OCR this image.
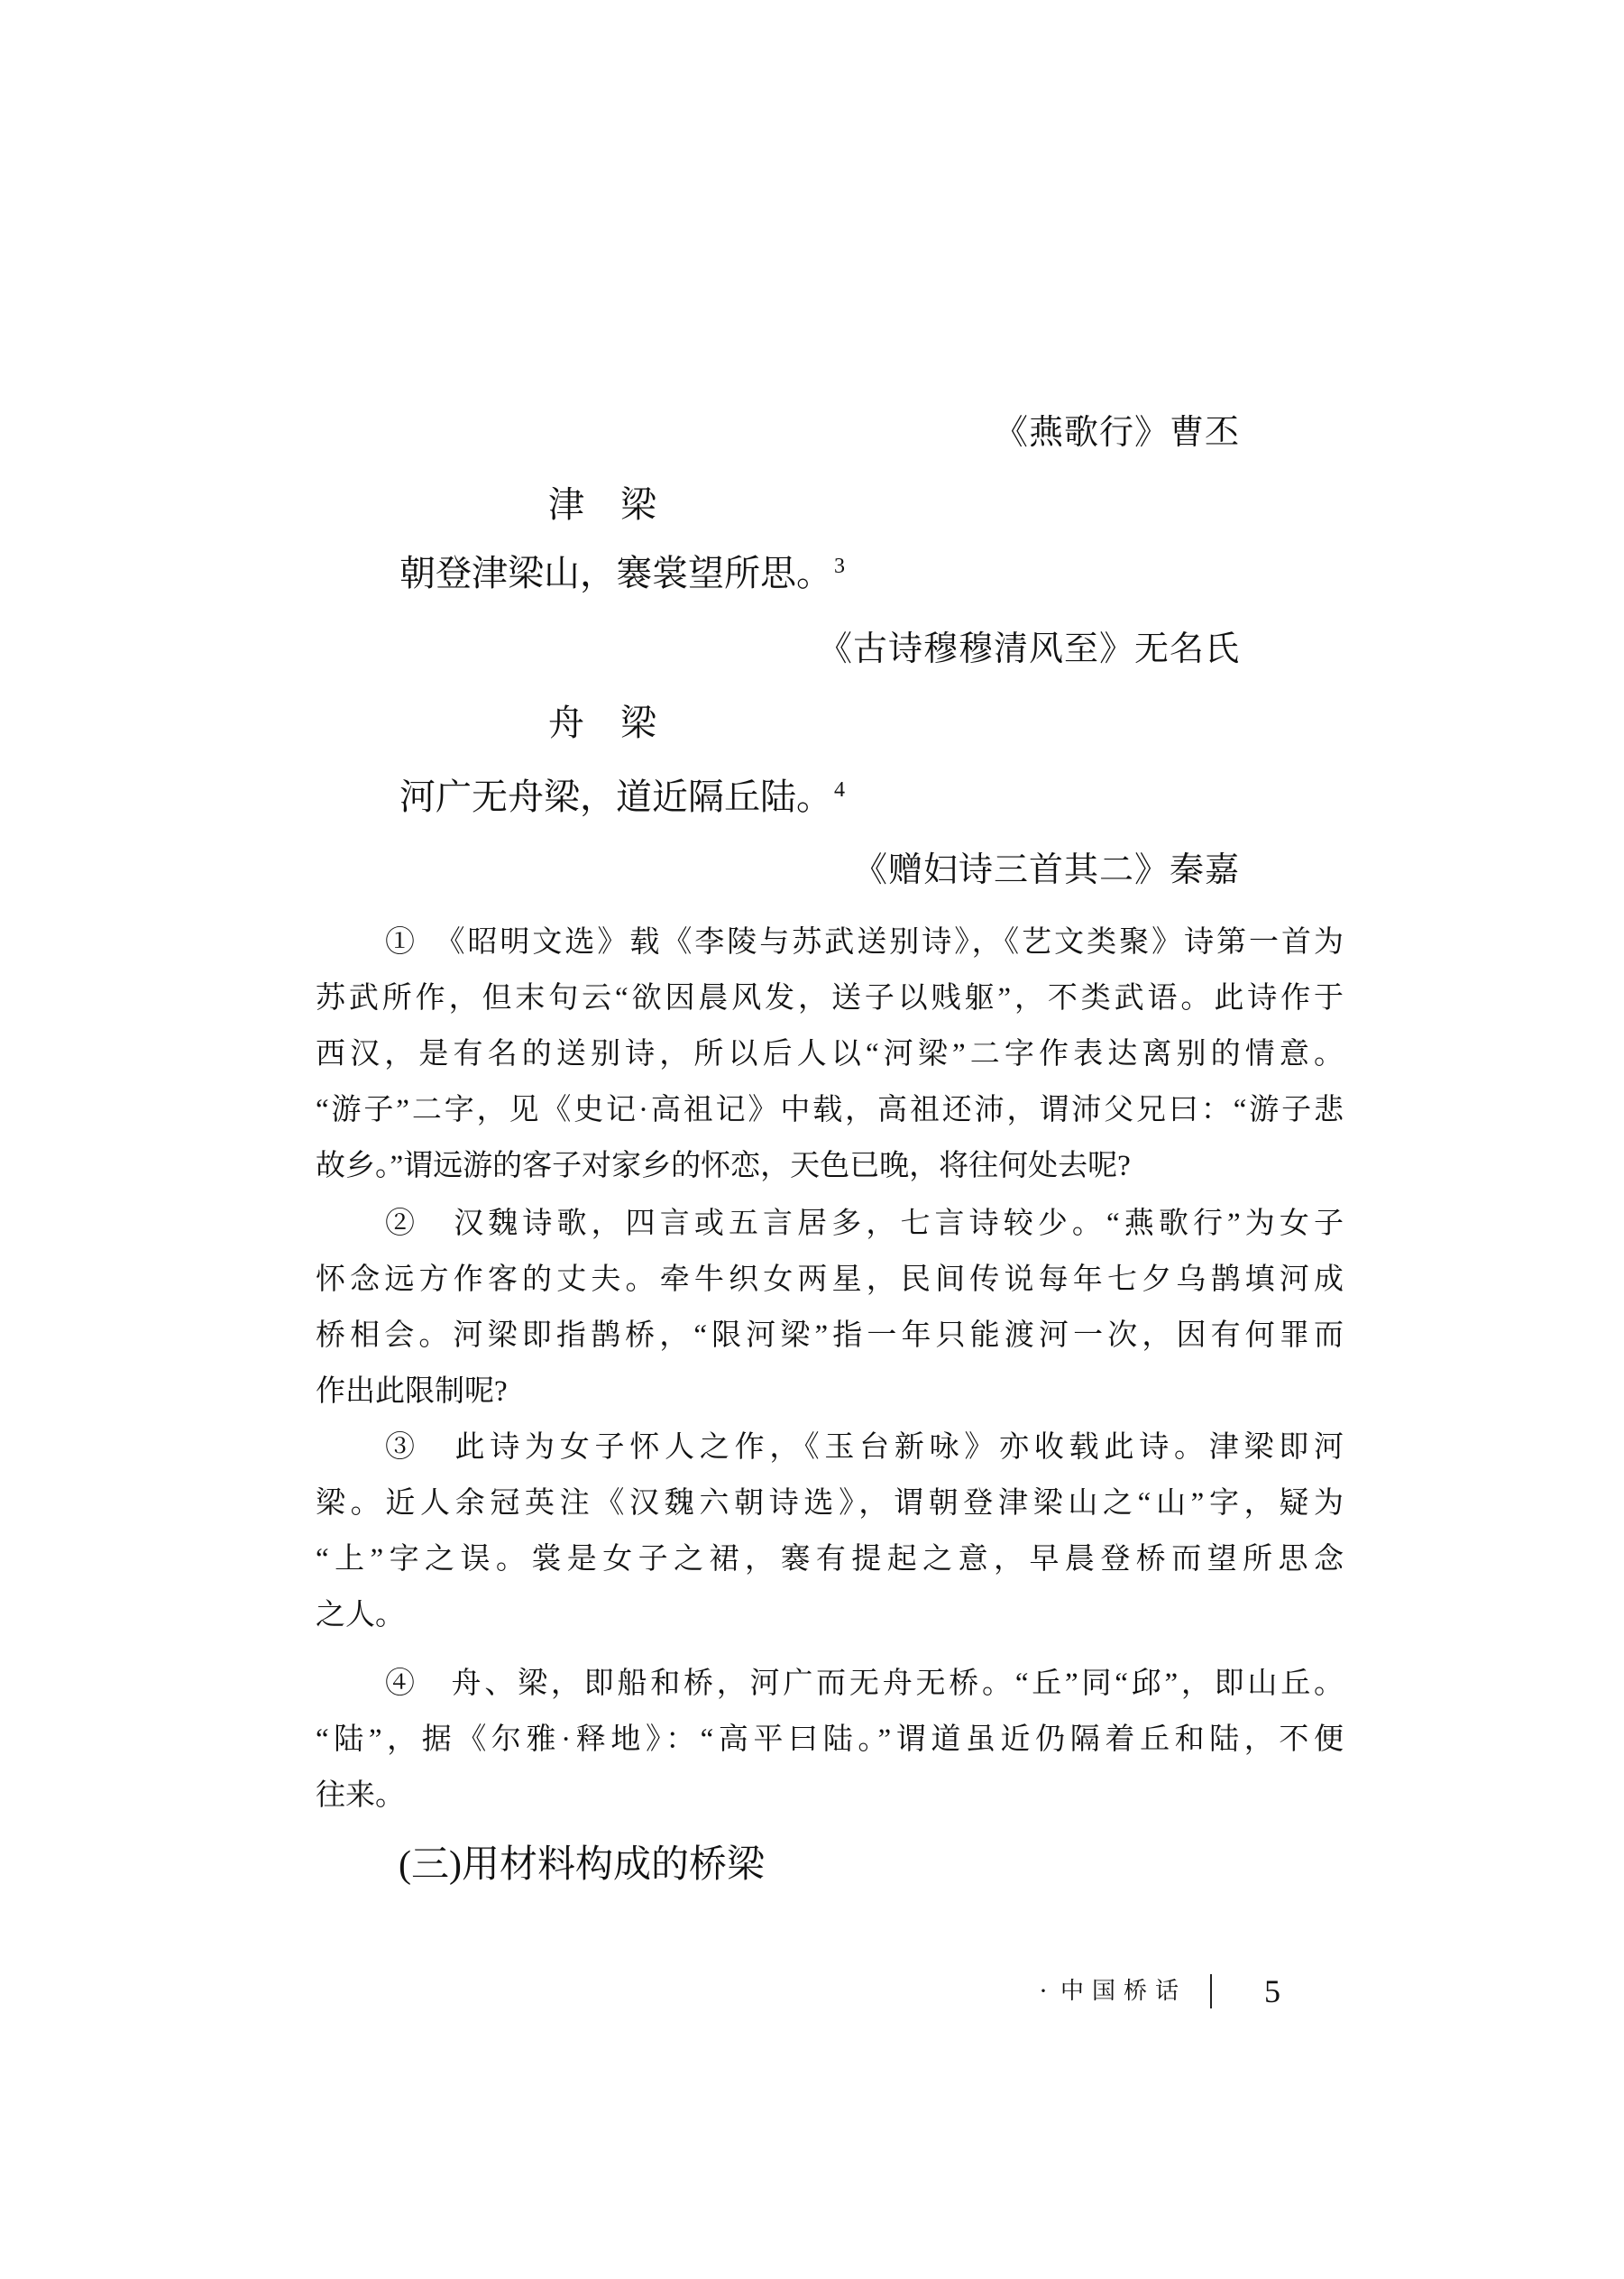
《燕歌行》曹丕
津　梁
朝登津梁山，褰裳望所思。3
《古诗穆穆清风至》无名氏
舟　梁
河广无舟梁，道近隔丘陆。4
《赠妇诗三首其二》秦嘉
①　《昭明文选》载《李陵与苏武送别诗》，《艺文类聚》诗第一首为
苏武所作，但末句云“欲因晨风发，送子以贱躯”，不类武语。此诗作于
西汉，是有名的送别诗，所以后人以“河梁”二字作表达离别的情意。
“游子”二字，见《史记·高祖记》中载，高祖还沛，谓沛父兄曰：“游子悲
故乡。”谓远游的客子对家乡的怀恋，天色已晚，将往何处去呢?
②　汉魏诗歌，四言或五言居多，七言诗较少。“燕歌行”为女子
怀念远方作客的丈夫。牵牛织女两星，民间传说每年七夕乌鹊填河成
桥相会。河梁即指鹊桥，“限河梁”指一年只能渡河一次，因有何罪而
作出此限制呢?
③　此诗为女子怀人之作，《玉台新咏》亦收载此诗。津梁即河
梁。近人余冠英注《汉魏六朝诗选》，谓朝登津梁山之“山”字，疑为
“上”字之误。裳是女子之裙，褰有提起之意，早晨登桥而望所思念
之人。
④　舟、梁，即船和桥，河广而无舟无桥。“丘”同“邱”，即山丘。
“陆”，据《尔雅·释地》：“高平曰陆。”谓道虽近仍隔着丘和陆，不便
往来。
(三)用材料构成的桥梁
· 中国桥话 5
